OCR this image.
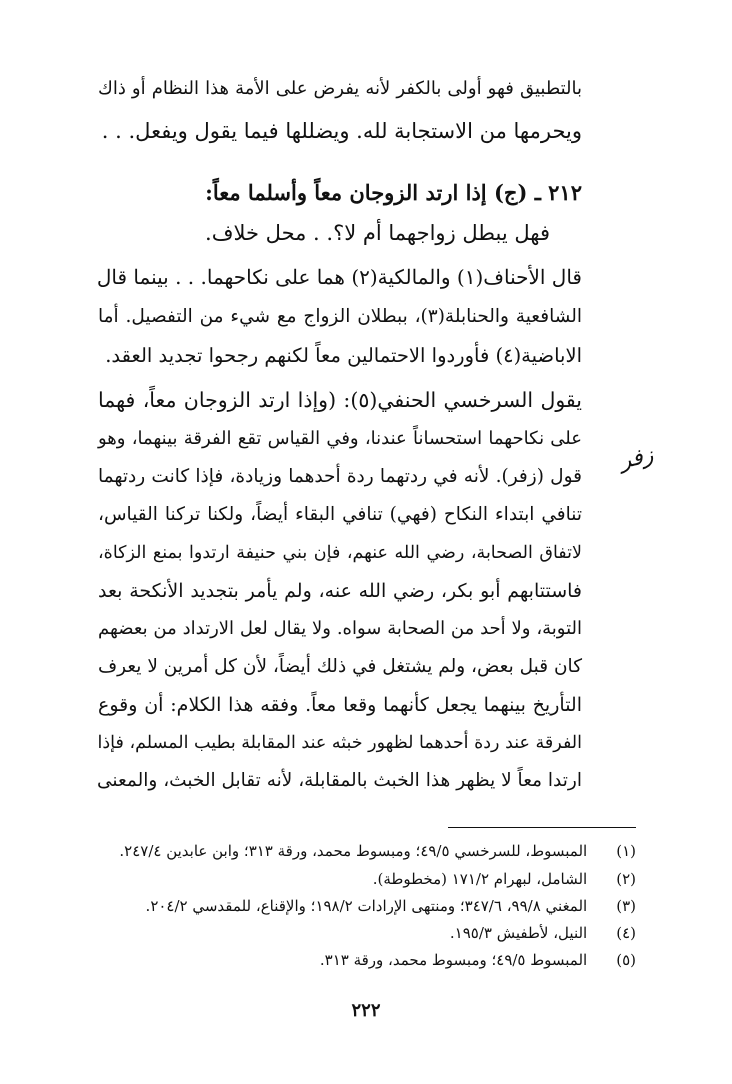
بالتطبيق فهو أولى بالكفر لأنه يفرض على الأمة هذا النظام أو ذاك
ويحرمها من الاستجابة لله. ويضللها فيما يقول ويفعل. . .
٢١٢ ـ (ج) إذا ارتد الزوجان معاً وأسلما معاً:
فهل يبطل زواجهما أم لا؟. . محل خلاف.
قال الأحناف(١) والمالكية(٢) هما على نكاحهما. . . بينما قال
الشافعية والحنابلة(٣)، ببطلان الزواج مع شيء من التفصيل. أما
الاباضية(٤) فأوردوا الاحتمالين معاً لكنهم رجحوا تجديد العقد.
يقول السرخسي الحنفي(٥): (وإذا ارتد الزوجان معاً، فهما
على نكاحهما استحساناً عندنا، وفي القياس تقع الفرقة بينهما، وهو
قول (زفر). لأنه في ردتهما ردة أحدهما وزيادة، فإذا كانت ردتهما
تنافي ابتداء النكاح (فهي) تنافي البقاء أيضاً، ولكنا تركنا القياس،
لاتفاق الصحابة، رضي الله عنهم، فإن بني حنيفة ارتدوا بمنع الزكاة،
فاستتابهم أبو بكر، رضي الله عنه، ولم يأمر بتجديد الأنكحة بعد
التوبة، ولا أحد من الصحابة سواه. ولا يقال لعل الارتداد من بعضهم
كان قبل بعض، ولم يشتغل في ذلك أيضاً، لأن كل أمرين لا يعرف
التأريخ بينهما يجعل كأنهما وقعا معاً. وفقه هذا الكلام: أن وقوع
الفرقة عند ردة أحدهما لظهور خبثه عند المقابلة بطيب المسلم، فإذا
ارتدا معاً لا يظهر هذا الخبث بالمقابلة، لأنه تقابل الخبث، والمعنى
زفر
(١) المبسوط، للسرخسي ٤٩/٥؛ ومبسوط محمد، ورقة ٣١٣؛ وابن عابدين ٢٤٧/٤.
(٢) الشامل، لبهرام ١٧١/٢ (مخطوطة).
(٣) المغني ٩٩/٨، ٣٤٧/٦؛ ومنتهى الإرادات ١٩٨/٢؛ والإقناع، للمقدسي ٢٠٤/٢.
(٤) النيل، لأطفيش ١٩٥/٣.
(٥) المبسوط ٤٩/٥؛ ومبسوط محمد، ورقة ٣١٣.
٢٢٢
